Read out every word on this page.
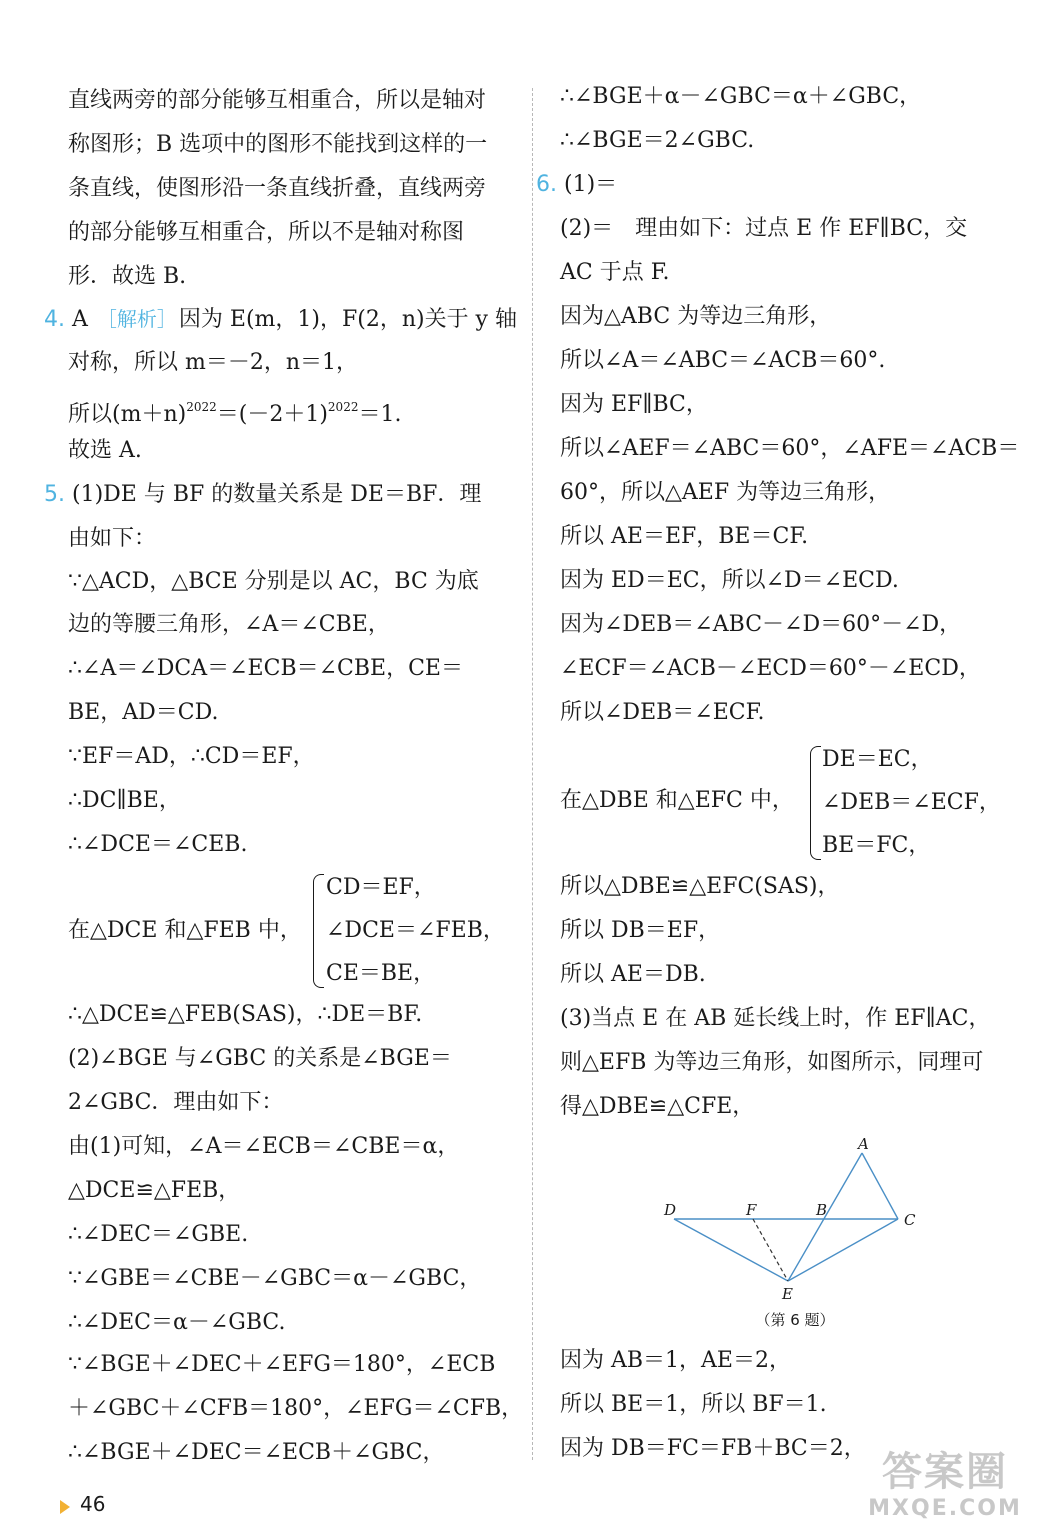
直线两旁的部分能够互相重合，所以是轴对
称图形；B 选项中的图形不能找到这样的一
条直线，使图形沿一条直线折叠，直线两旁
的部分能够互相重合，所以不是轴对称图
形．故选 B.
4. A ［解析］因为 E(m，1)，F(2，n)关于 y 轴
对称，所以 m＝－2，n＝1，
所以$(m+n)^{2022}=(-2+1)^{2022}=1$.
故选 A.
5. (1)DE 与 BF 的数量关系是 DE＝BF．理
由如下：
∵△ACD，△BCE 分别是以 AC，BC 为底
边的等腰三角形，∠A＝∠CBE，
∴∠A＝∠DCA＝∠ECB＝∠CBE，CE＝
BE，AD＝CD.
∵EF＝AD，∴CD＝EF，
∴DC∥BE，
∴∠DCE＝∠CEB.
在△DCE 和△FEB 中，
CD＝EF，
∠DCE＝∠FEB，
CE＝BE，
∴△DCE≌△FEB(SAS)，∴DE＝BF.
(2)∠BGE 与∠GBC 的关系是∠BGE＝
2∠GBC．理由如下：
由(1)可知，∠A＝∠ECB＝∠CBE＝α，
△DCE≌△FEB，
∴∠DEC＝∠GBE.
∵∠GBE＝∠CBE－∠GBC＝α－∠GBC，
∴∠DEC＝α－∠GBC.
∵∠BGE＋∠DEC＋∠EFG＝180°，∠ECB
＋∠GBC＋∠CFB＝180°，∠EFG＝∠CFB，
∴∠BGE＋∠DEC＝∠ECB＋∠GBC，
∴∠BGE＋α－∠GBC＝α＋∠GBC，
∴∠BGE＝2∠GBC.
6. (1)＝
(2)＝　理由如下：过点 E 作 EF∥BC，交
AC 于点 F.
因为△ABC 为等边三角形，
所以∠A＝∠ABC＝∠ACB＝60°.
因为 EF∥BC，
所以∠AEF＝∠ABC＝60°，∠AFE＝∠ACB＝
60°，所以△AEF 为等边三角形，
所以 AE＝EF，BE＝CF.
因为 ED＝EC，所以∠D＝∠ECD.
因为∠DEB＝∠ABC－∠D＝60°－∠D，
∠ECF＝∠ACB－∠ECD＝60°－∠ECD，
所以∠DEB＝∠ECF.
在△DBE 和△EFC 中，
DE＝EC，
∠DEB＝∠ECF，
BE＝FC，
所以△DBE≌△EFC(SAS)，
所以 DB＝EF，
所以 AE＝DB.
(3)当点 E 在 AB 延长线上时，作 EF∥AC，
则△EFB 为等边三角形，如图所示，同理可
得△DBE≌△CFE，
因为 AB＝1，AE＝2，
所以 BE＝1，所以 BF＝1.
因为 DB＝FC＝FB＋BC＝2，
A
B
C
D
E
F
（第 6 题）
46
答案圈
MXQE.COM
